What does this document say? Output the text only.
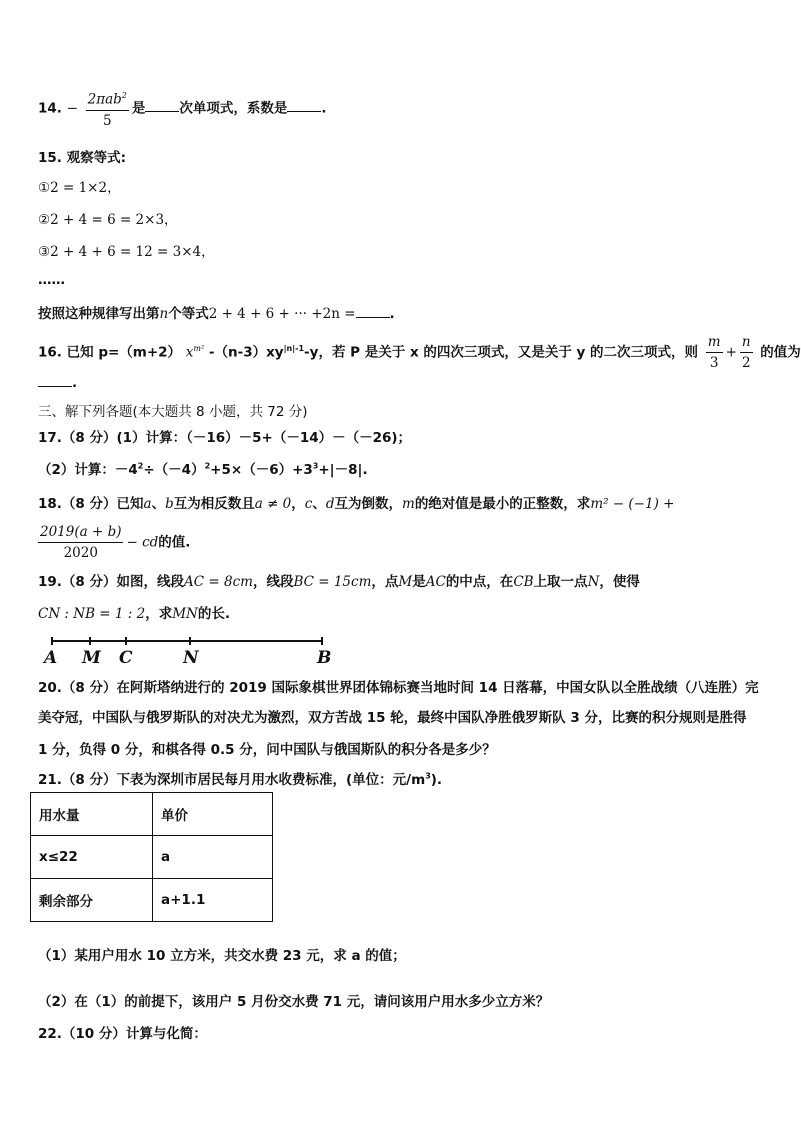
14. − $\frac{2\pi ab^2}{5}$ 是	次单项式，系数是	.
15. 观察等式:
①2 = 1×2，
②2 + 4 = 6 = 2×3，
③2 + 4 + 6 = 12 = 3×4，
……
按照这种规律写出第n个等式2 + 4 + 6 + ··· +2n =	.
16. 已知 p=（m+2） $x^{m^2}$ $-(n-3)xy^{|n|-1}-y$，若 P 是关于 x 的四次三项式，又是关于 y 的二次三项式，则 $\frac{m}{3} + \frac{n}{2}$ 的值为
.
三、解下列各题(本大题共 8 小题，共 72 分)
17.（8 分）(1）计算：（－16）－5+（－14）－（－26)；
（2）计算：$-4^2\div(-4)^2+5\times(-6)+3^3+|-8|$.
18.（8 分）已知a、b互为相反数且a ≠ 0，c、d互为倒数，m的绝对值是最小的正整数，求m² − (−1) +
$\frac{2019(a + b)}{2020}$ − cd的值.
19.（8 分）如图，线段AC = 8cm，线段BC = 15cm，点M是AC的中点，在CB上取一点N，使得
CN : NB = 1 : 2，求MN的长.
A M C	N	B
20.（8 分）在阿斯塔纳进行的 2019 国际象棋世界团体锦标赛当地时间 14 日落幕，中国女队以全胜战绩（八连胜）完
美夺冠，中国队与俄罗斯队的对决尤为激烈，双方苦战 15 轮，最终中国队净胜俄罗斯队 3 分，比赛的积分规则是胜得
1 分，负得 0 分，和棋各得 0.5 分，问中国队与俄国斯队的积分各是多少？
21.（8 分）下表为深圳市居民每月用水收费标准，(单位：元$/m^3$).
用水量	单价
x≤22	a
剩余部分	a+1.1
（1）某用户用水 10 立方米，共交水费 23 元，求 a 的值；
（2）在（1）的前提下，该用户 5 月份交水费 71 元，请问该用户用水多少立方米？
22.（10 分）计算与化简：
